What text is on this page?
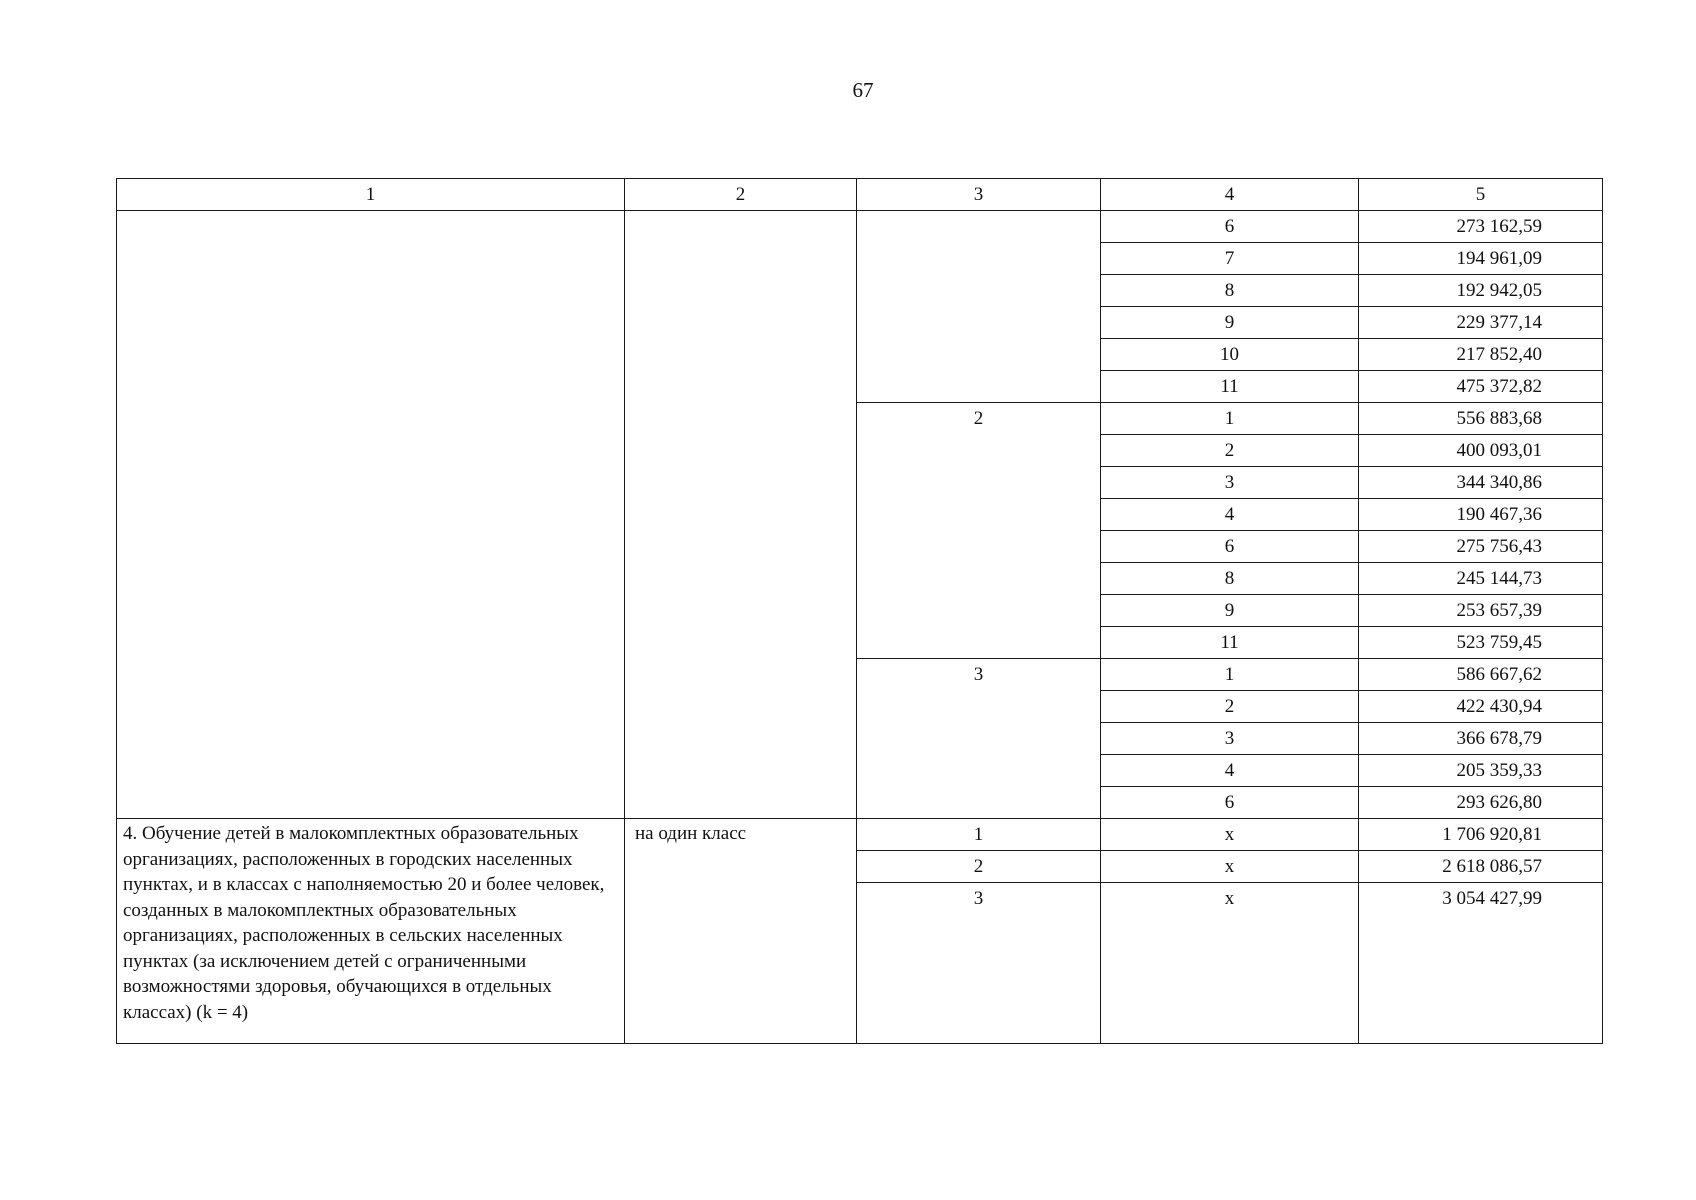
67
1	2	3	4	5
			6	273 162,59
			7	194 961,09
			8	192 942,05
			9	229 377,14
			10	217 852,40
			11	475 372,82
		2	1	556 883,68
			2	400 093,01
			3	344 340,86
			4	190 467,36
			6	275 756,43
			8	245 144,73
			9	253 657,39
			11	523 759,45
		3	1	586 667,62
			2	422 430,94
			3	366 678,79
			4	205 359,33
			6	293 626,80
4. Обучение детей в малокомплектных образовательных организациях, расположенных в городских населенных пунктах, и в классах с наполняемостью 20 и более человек, созданных в малокомплектных образовательных организациях, расположенных в сельских населенных пунктах (за исключением детей с ограниченными возможностями здоровья, обучающихся в отдельных классах) (k = 4)	на один класс	1	х	1 706 920,81
		2	х	2 618 086,57
		3	х	3 054 427,99
